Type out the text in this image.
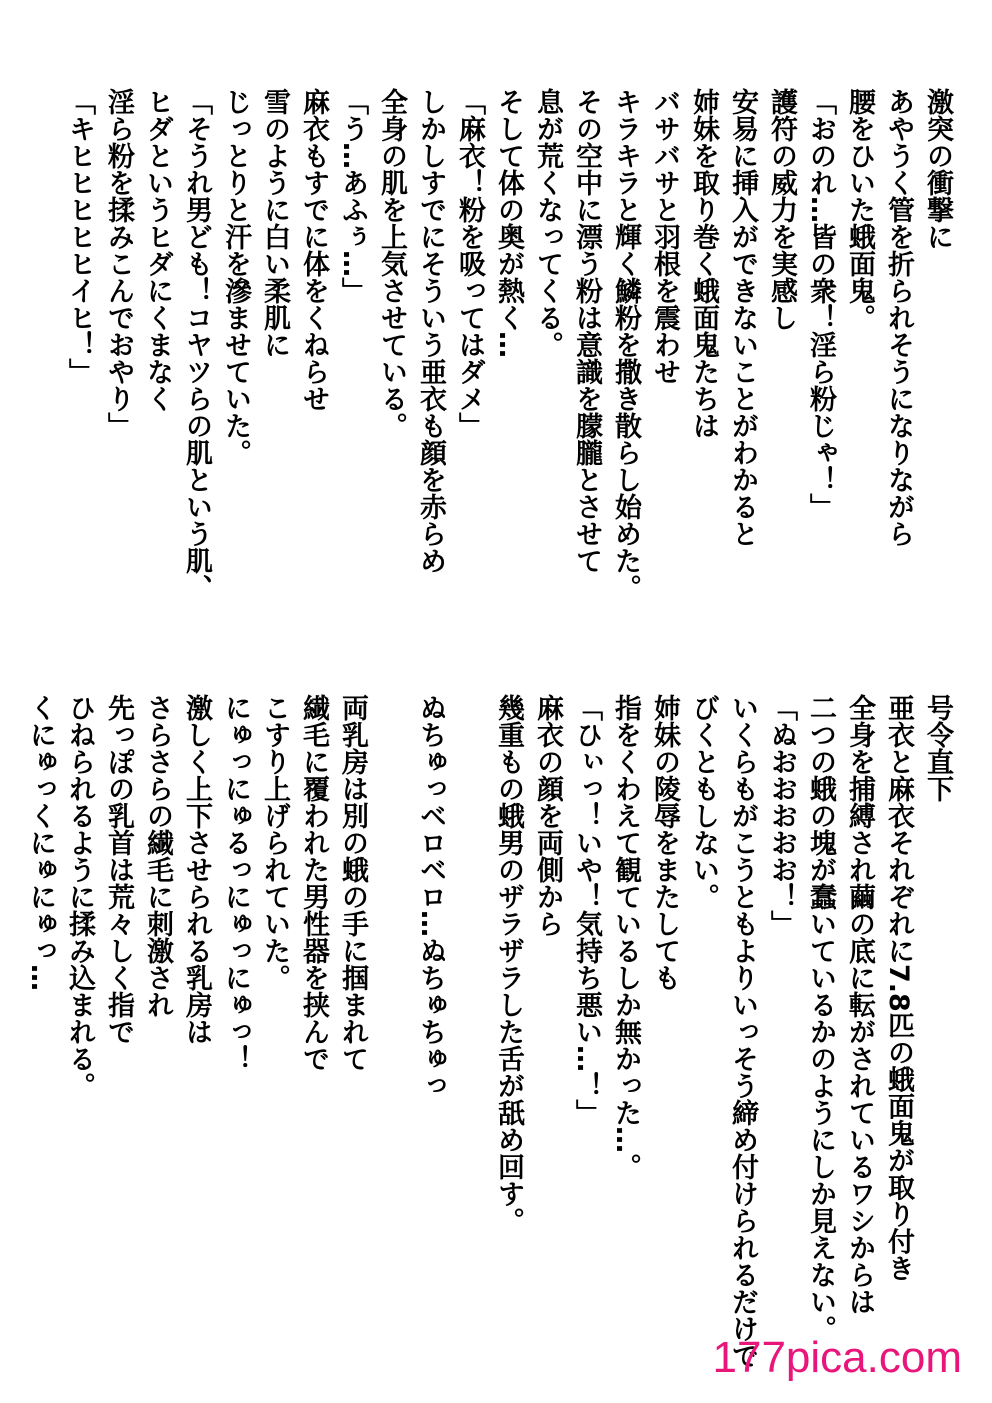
激突の衝撃に
あやうく管を折られそうになりながら
腰をひいた蛾面鬼。
「おのれ…皆の衆！淫ら粉じゃ！」
護符の威力を実感し
安易に挿入ができないことがわかると
姉妹を取り巻く蛾面鬼たちは
バサバサと羽根を震わせ
キラキラと輝く鱗粉を撒き散らし始めた。
その空中に漂う粉は意識を朦朧とさせて
息が荒くなってくる。
そして体の奥が熱く…
「麻衣！粉を吸ってはダメ」
しかしすでにそういう亜衣も顔を赤らめ
全身の肌を上気させている。
「う…あふぅ…」
麻衣もすでに体をくねらせ
雪のように白い柔肌に
じっとりと汗を滲ませていた。
「そうれ男ども！コヤツらの肌という肌、
ヒダというヒダにくまなく
淫ら粉を揉みこんでおやり」
「キヒヒヒヒヒイヒ！」
号令直下
亜衣と麻衣それぞれに7.8匹の蛾面鬼が取り付き
全身を捕縛され繭の底に転がされているワシからは
二つの蛾の塊が蠢いているかのようにしか見えない。
「ぬおおおおお！」
いくらもがこうともよりいっそう締め付けられるだけで
びくともしない。
姉妹の陵辱をまたしても
指をくわえて観ているしか無かった…。
「ひぃっ！いや！気持ち悪い…！」
麻衣の顔を両側から
幾重もの蛾男のザラザラした舌が舐め回す。
ぬちゅっベロベロ…ぬちゅちゅっ
両乳房は別の蛾の手に掴まれて
繊毛に覆われた男性器を挟んで
こすり上げられていた。
にゅっにゅるっにゅっにゅっ！
激しく上下させられる乳房は
さらさらの繊毛に刺激され
先っぽの乳首は荒々しく指で
ひねられるように揉み込まれる。
くにゅっくにゅにゅっ…
177pica.com
